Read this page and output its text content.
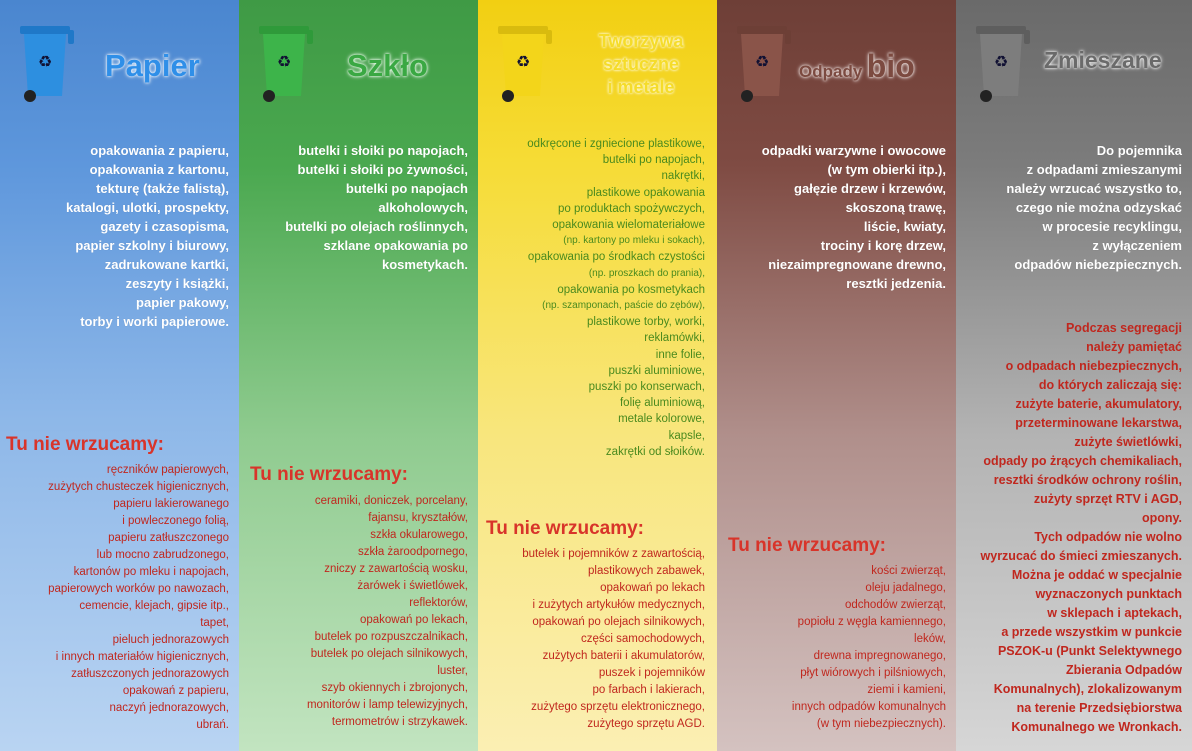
♻ Papier
opakowania z papieru,
opakowania z kartonu,
tekturę (także falistą),
katalogi, ulotki, prospekty,
gazety i czasopisma,
papier szkolny i biurowy,
zadrukowane kartki,
zeszyty i książki,
papier pakowy,
torby i worki papierowe.
Tu nie wrzucamy:
ręczników papierowych,
zużytych chusteczek higienicznych,
papieru lakierowanego
i powleczonego folią,
papieru zatłuszczonego
lub mocno zabrudzonego,
kartonów po mleku i napojach,
papierowych worków po nawozach,
cemencie, klejach, gipsie itp.,
tapet,
pieluch jednorazowych
i innych materiałów higienicznych,
zatłuszczonych jednorazowych
opakowań z papieru,
naczyń jednorazowych,
ubrań.
♻ Szkło
butelki i słoiki po napojach,
butelki i słoiki po żywności,
butelki po napojach
alkoholowych,
butelki po olejach roślinnych,
szklane opakowania po
kosmetykach.
Tu nie wrzucamy:
ceramiki, doniczek, porcelany,
fajansu, kryształów,
szkła okularowego,
szkła żaroodpornego,
zniczy z zawartością wosku,
żarówek i świetlówek,
reflektorów,
opakowań po lekach,
butelek po rozpuszczalnikach,
butelek po olejach silnikowych,
luster,
szyb okiennych i zbrojonych,
monitorów i lamp telewizyjnych,
termometrów i strzykawek.
♻
Tworzywa
sztuczne
i metale
odkręcone i zgniecione plastikowe,
butelki po napojach,
nakrętki,
plastikowe opakowania
po produktach spożywczych,
opakowania wielomateriałowe
(np. kartony po mleku i sokach),
opakowania po środkach czystości
(np. proszkach do prania),
opakowania po kosmetykach
(np. szamponach, paście do zębów),
plastikowe torby, worki,
reklamówki,
inne folie,
puszki aluminiowe,
puszki po konserwach,
folię aluminiową,
metale kolorowe,
kapsle,
zakrętki od słoików.
Tu nie wrzucamy:
butelek i pojemników z zawartością,
plastikowych zabawek,
opakowań po lekach
i zużytych artykułów medycznych,
opakowań po olejach silnikowych,
części samochodowych,
zużytych baterii i akumulatorów,
puszek i pojemników
po farbach i lakierach,
zużytego sprzętu elektronicznego,
zużytego sprzętu AGD.
♻
Odpady bio
odpadki warzywne i owocowe
(w tym obierki itp.),
gałęzie drzew i krzewów,
skoszoną trawę,
liście, kwiaty,
trociny i korę drzew,
niezaimpregnowane drewno,
resztki jedzenia.
Tu nie wrzucamy:
kości zwierząt,
oleju jadalnego,
odchodów zwierząt,
popiołu z węgla kamiennego,
leków,
drewna impregnowanego,
płyt wiórowych i pilśniowych,
ziemi i kamieni,
innych odpadów komunalnych
(w tym niebezpiecznych).
♻ Zmieszane
Do pojemnika
z odpadami zmieszanymi
należy wrzucać wszystko to,
czego nie można odzyskać
w procesie recyklingu,
z wyłączeniem
odpadów niebezpiecznych.
Podczas segregacji
należy pamiętać
o odpadach niebezpiecznych,
do których zaliczają się:
zużyte baterie, akumulatory,
przeterminowane lekarstwa,
zużyte świetlówki,
odpady po żrących chemikaliach,
resztki środków ochrony roślin,
zużyty sprzęt RTV i AGD,
opony.
Tych odpadów nie wolno
wyrzucać do śmieci zmieszanych.
Można je oddać w specjalnie
wyznaczonych punktach
w sklepach i aptekach,
a przede wszystkim w punkcie
PSZOK-u (Punkt Selektywnego
Zbierania Odpadów
Komunalnych), zlokalizowanym
na terenie Przedsiębiorstwa
Komunalnego we Wronkach.
